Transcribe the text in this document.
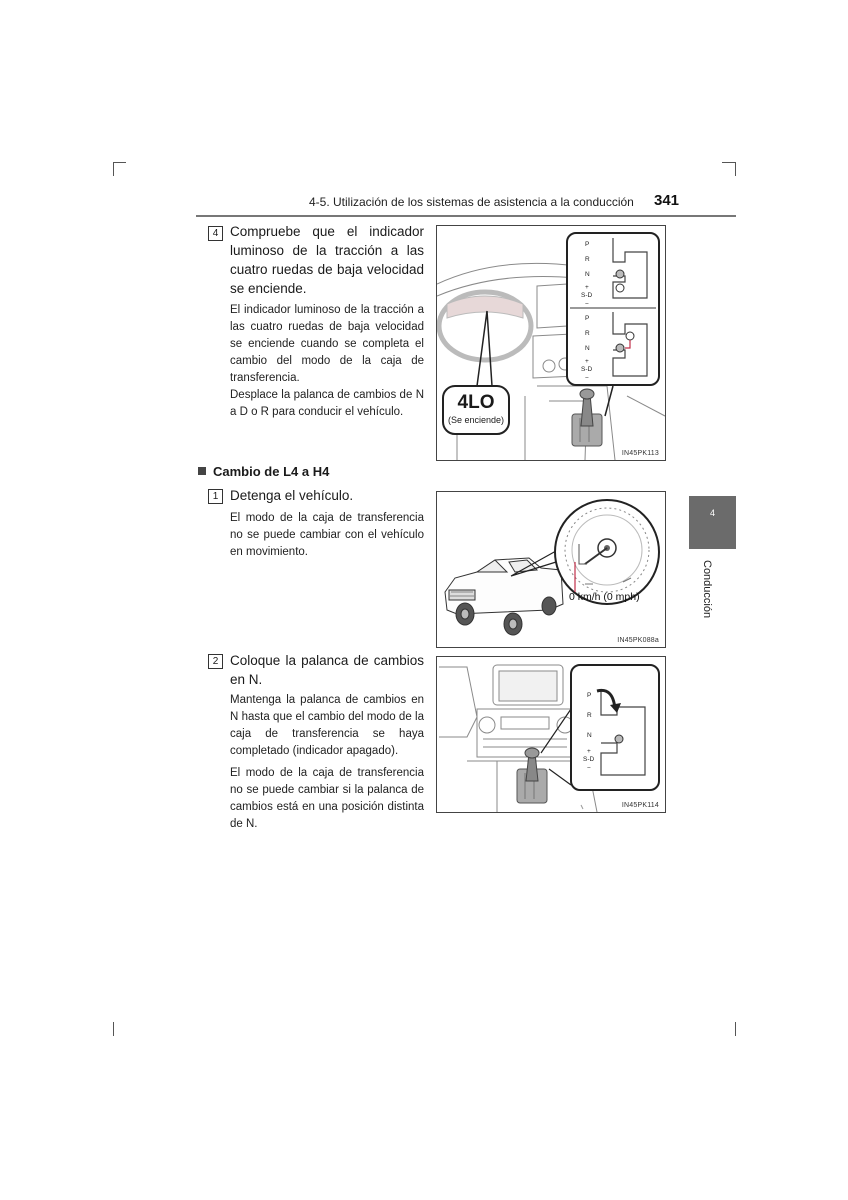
4-5. Utilización de los sistemas de asistencia a la conducción 341
4
Conducción
4 Compruebe que el indicador luminoso de la tracción a las cuatro ruedas de baja velocidad se enciende.

El indicador luminoso de la tracción a las cuatro ruedas de baja velocidad se enciende cuando se completa el cambio del modo de la caja de transferencia.

Desplace la palanca de cambios de N a D o R para conducir el vehículo.

P
R
N
+
S-D
−
P
R
N
+
S-D
−
4LO
(Se enciende)
IN45PK113
Cambio de L4 a H4
1 Detenga el vehículo.
El modo de la caja de transferencia no se puede cambiar con el vehículo en movimiento.
0 km/h (0 mph)
IN45PK088a
2 Coloque la palanca de cambios en N.

Mantenga la palanca de cambios en N hasta que el cambio del modo de la caja de transferencia se haya completado (indicador apagado).

El modo de la caja de transferencia no se puede cambiar si la palanca de cambios está en una posición distinta de N.

P
R
N
+
S-D
−
IN45PK114
